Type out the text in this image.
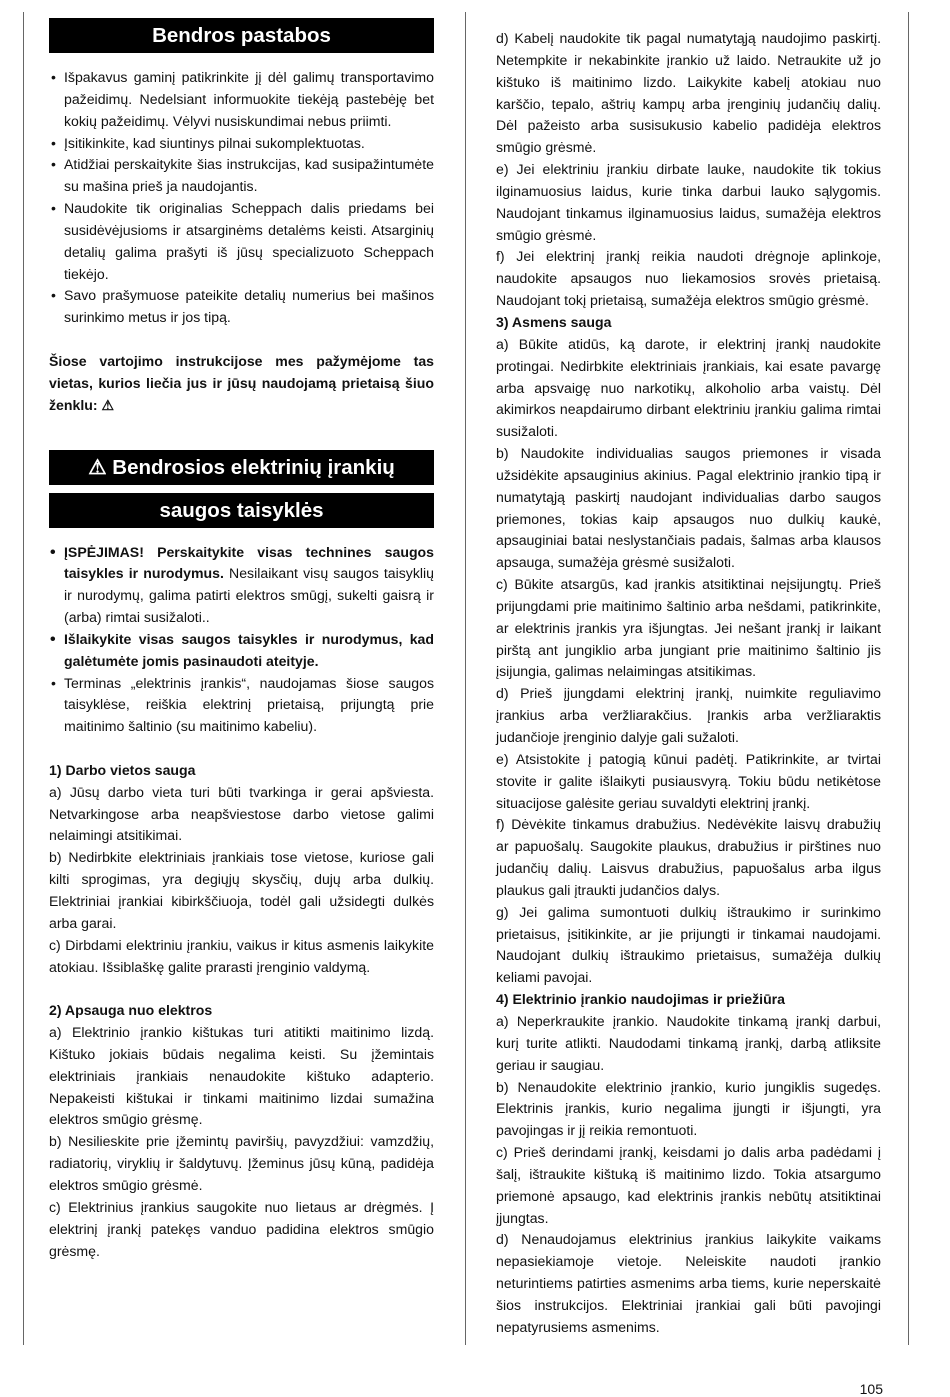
Bendros pastabos
• Išpakavus gaminį patikrinkite jį dėl galimų transportavimo pažeidimų. Nedelsiant informuokite tiekėją pastebėję bet kokių pažeidimų. Vėlyvi nusiskundimai nebus priimti.
• Įsitikinkite, kad siuntinys pilnai sukomplektuotas.
• Atidžiai perskaitykite šias instrukcijas, kad susipažintumėte su mašina prieš ja naudojantis.
• Naudokite tik originalias Scheppach dalis priedams bei susidėvėjusioms ir atsarginėms detalėms keisti. Atsarginių detalių galima prašyti iš jūsų specializuoto Scheppach tiekėjo.
• Savo prašymuose pateikite detalių numerius bei mašinos surinkimo metus ir jos tipą.

Šiose vartojimo instrukcijose mes pažymėjome tas vietas, kurios liečia jus ir jūsų naudojamą prietaisą šiuo ženklu: ⚠

⚠ Bendrosios elektrinių įrankių
saugos taisyklės
• ĮSPĖJIMAS! Perskaitykite visas technines saugos taisykles ir nurodymus. Nesilaikant visų saugos taisyklių ir nurodymų, galima patirti elektros smūgį, sukelti gaisrą ir (arba) rimtai susižaloti..
• Išlaikykite visas saugos taisykles ir nurodymus, kad galėtumėte jomis pasinaudoti ateityje.
• Terminas „elektrinis įrankis“, naudojamas šiose saugos taisyklėse, reiškia elektrinį prietaisą, prijungtą prie maitinimo šaltinio (su maitinimo kabeliu).

1) Darbo vietos sauga

a) Jūsų darbo vieta turi būti tvarkinga ir gerai apšviesta. Netvarkingose arba neapšviestose darbo vietose galimi nelaimingi atsitikimai.

b) Nedirbkite elektriniais įrankiais tose vietose, kuriose gali kilti sprogimas, yra degiųjų skysčių, dujų arba dulkių. Elektriniai įrankiai kibirkščiuoja, todėl gali užsidegti dulkės arba garai.

c) Dirbdami elektriniu įrankiu, vaikus ir kitus asmenis laikykite atokiau. Išsiblaškę galite prarasti įrenginio valdymą.

2) Apsauga nuo elektros

a) Elektrinio įrankio kištukas turi atitikti maitinimo lizdą. Kištuko jokiais būdais negalima keisti. Su įžemintais elektriniais įrankiais nenaudokite kištuko adapterio. Nepakeisti kištukai ir tinkami maitinimo lizdai sumažina elektros smūgio grėsmę.

b) Nesilieskite prie įžemintų paviršių, pavyzdžiui: vamzdžių, radiatorių, viryklių ir šaldytuvų. Įžeminus jūsų kūną, padidėja elektros smūgio grėsmė.

c) Elektrinius įrankius saugokite nuo lietaus ar drėgmės. Į elektrinį įrankį patekęs vanduo padidina elektros smūgio grėsmę.

d) Kabelį naudokite tik pagal numatytąją naudojimo paskirtį. Netempkite ir nekabinkite įrankio už laido. Netraukite už jo kištuko iš maitinimo lizdo. Laikykite kabelį atokiau nuo karščio, tepalo, aštrių kampų arba įrenginių judančių dalių. Dėl pažeisto arba susisukusio kabelio padidėja elektros smūgio grėsmė.

e) Jei elektriniu įrankiu dirbate lauke, naudokite tik tokius ilginamuosius laidus, kurie tinka darbui lauko sąlygomis. Naudojant tinkamus ilginamuosius laidus, sumažėja elektros smūgio grėsmė.

f) Jei elektrinį įrankį reikia naudoti drėgnoje aplinkoje, naudokite apsaugos nuo liekamosios srovės prietaisą. Naudojant tokį prietaisą, sumažėja elektros smūgio grėsmė.

3) Asmens sauga

a) Būkite atidūs, ką darote, ir elektrinį įrankį naudokite protingai. Nedirbkite elektriniais įrankiais, kai esate pavargę arba apsvaigę nuo narkotikų, alkoholio arba vaistų. Dėl akimirkos neapdairumo dirbant elektriniu įrankiu galima rimtai susižaloti.

b) Naudokite individualias saugos priemones ir visada užsidėkite apsauginius akinius. Pagal elektrinio įrankio tipą ir numatytąją paskirtį naudojant individualias darbo saugos priemones, tokias kaip apsaugos nuo dulkių kaukė, apsauginiai batai neslystančiais padais, šalmas arba klausos apsauga, sumažėja grėsmė susižaloti.

c) Būkite atsargūs, kad įrankis atsitiktinai neįsijungtų. Prieš prijungdami prie maitinimo šaltinio arba nešdami, patikrinkite, ar elektrinis įrankis yra išjungtas. Jei nešant įrankį ir laikant pirštą ant jungiklio arba jungiant prie maitinimo šaltinio jis įsijungia, galimas nelaimingas atsitikimas.

d) Prieš įjungdami elektrinį įrankį, nuimkite reguliavimo įrankius arba veržliarakčius. Įrankis arba veržliaraktis judančioje įrenginio dalyje gali sužaloti.

e) Atsistokite į patogią kūnui padėtį. Patikrinkite, ar tvirtai stovite ir galite išlaikyti pusiausvyrą. Tokiu būdu netikėtose situacijose galėsite geriau suvaldyti elektrinį įrankį.

f) Dėvėkite tinkamus drabužius. Nedėvėkite laisvų drabužių ar papuošalų. Saugokite plaukus, drabužius ir pirštines nuo judančių dalių. Laisvus drabužius, papuošalus arba ilgus plaukus gali įtraukti judančios dalys.

g) Jei galima sumontuoti dulkių ištraukimo ir surinkimo prietaisus, įsitikinkite, ar jie prijungti ir tinkamai naudojami. Naudojant dulkių ištraukimo prietaisus, sumažėja dulkių keliami pavojai.

4) Elektrinio įrankio naudojimas ir priežiūra

a) Neperkraukite įrankio. Naudokite tinkamą įrankį darbui, kurį turite atlikti. Naudodami tinkamą įrankį, darbą atliksite geriau ir saugiau.

b) Nenaudokite elektrinio įrankio, kurio jungiklis sugedęs. Elektrinis įrankis, kurio negalima įjungti ir išjungti, yra pavojingas ir jį reikia remontuoti.

c) Prieš derindami įrankį, keisdami jo dalis arba padėdami į šalį, ištraukite kištuką iš maitinimo lizdo. Tokia atsargumo priemonė apsaugo, kad elektrinis įrankis nebūtų atsitiktinai įjungtas.

d) Nenaudojamus elektrinius įrankius laikykite vaikams nepasiekiamoje vietoje. Neleiskite naudoti įrankio neturintiems patirties asmenims arba tiems, kurie neperskaitė šios instrukcijos. Elektriniai įrankiai gali būti pavojingi nepatyrusiems asmenims.

105
